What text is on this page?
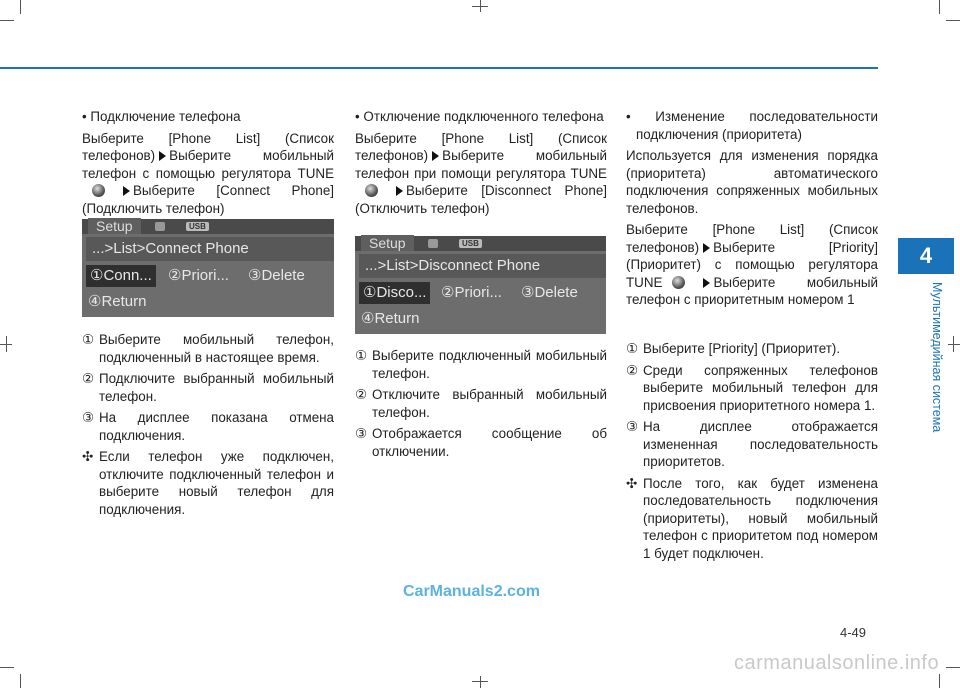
4
Мультимедийная система

• Подключение телефона

Выберите [Phone List] (Список телефонов) Выберите мобильный телефон с помощью регулятора TUNEВыберите [Connect Phone] (Подключить телефон)

Setup	USB
...>List>Connect Phone
①Conn... ②Priori... ③Delete
④Return
① Выберите мобильный телефон, подключенный в настоящее время.
② Подключите выбранный мобильный телефон.
③ На дисплее показана отмена подключения.
✣ Если телефон уже подключен, отключите подключенный телефон и выберите новый телефон для подключения.

• Отключение подключенного телефона

Выберите [Phone List] (Список телефонов) Выберите мобильный телефон при помощи регулятора TUNEВыберите [Disconnect Phone] (Отключить телефон)

Setup	USB
...>List>Disconnect Phone
①Disco... ②Priori... ③Delete
④Return
① Выберите подключенный мобильный телефон.
② Отключите выбранный мобильный телефон.
③ Отображается сообщение об отключении.

• Изменение последовательности подключения (приоритета)

Используется для изменения порядка (приоритета) автоматического подключения сопряженных мобильных телефонов.

Выберите [Phone List] (Список телефонов) Выберите [Priority] (Приоритет) с помощью регулятора TUNE	Выберите мобильный телефон с приоритетным номером 1

① Выберите [Priority] (Приоритет).
② Среди сопряженных телефонов выберите мобильный телефон для присвоения приоритетного номера 1.
③ На дисплее отображается измененная последовательность приоритетов.
✣ После того, как будет изменена последовательность подключения (приоритеты), новый мобильный телефон с приоритетом под номером 1 будет подключен.
CarManuals2.com
4-49
carmanualsonline.info
